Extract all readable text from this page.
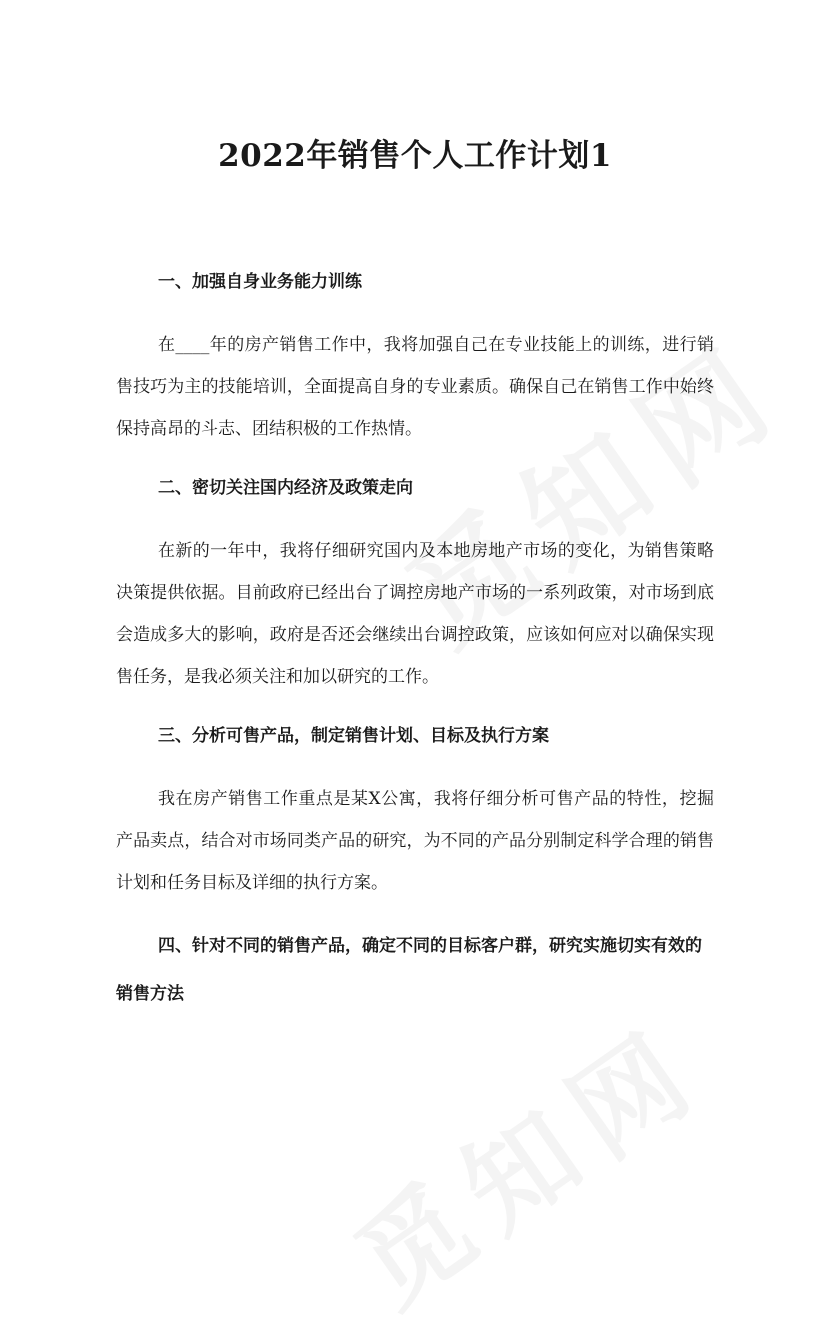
2022年销售个人工作计划1

一、加强自身业务能力训练

在____年的房产销售工作中，我将加强自己在专业技能上的训练，进行销售技巧为主的技能培训，全面提高自身的专业素质。确保自己在销售工作中始终保持高昂的斗志、团结积极的工作热情。

二、密切关注国内经济及政策走向

在新的一年中，我将仔细研究国内及本地房地产市场的变化，为销售策略决策提供依据。目前政府已经出台了调控房地产市场的一系列政策，对市场到底会造成多大的影响，政府是否还会继续出台调控政策，应该如何应对以确保实现售任务，是我必须关注和加以研究的工作。

三、分析可售产品，制定销售计划、目标及执行方案

我在房产销售工作重点是某X公寓，我将仔细分析可售产品的特性，挖掘产品卖点，结合对市场同类产品的研究，为不同的产品分别制定科学合理的销售计划和任务目标及详细的执行方案。

四、针对不同的销售产品，确定不同的目标客户群，研究实施切实有效的销售方法
